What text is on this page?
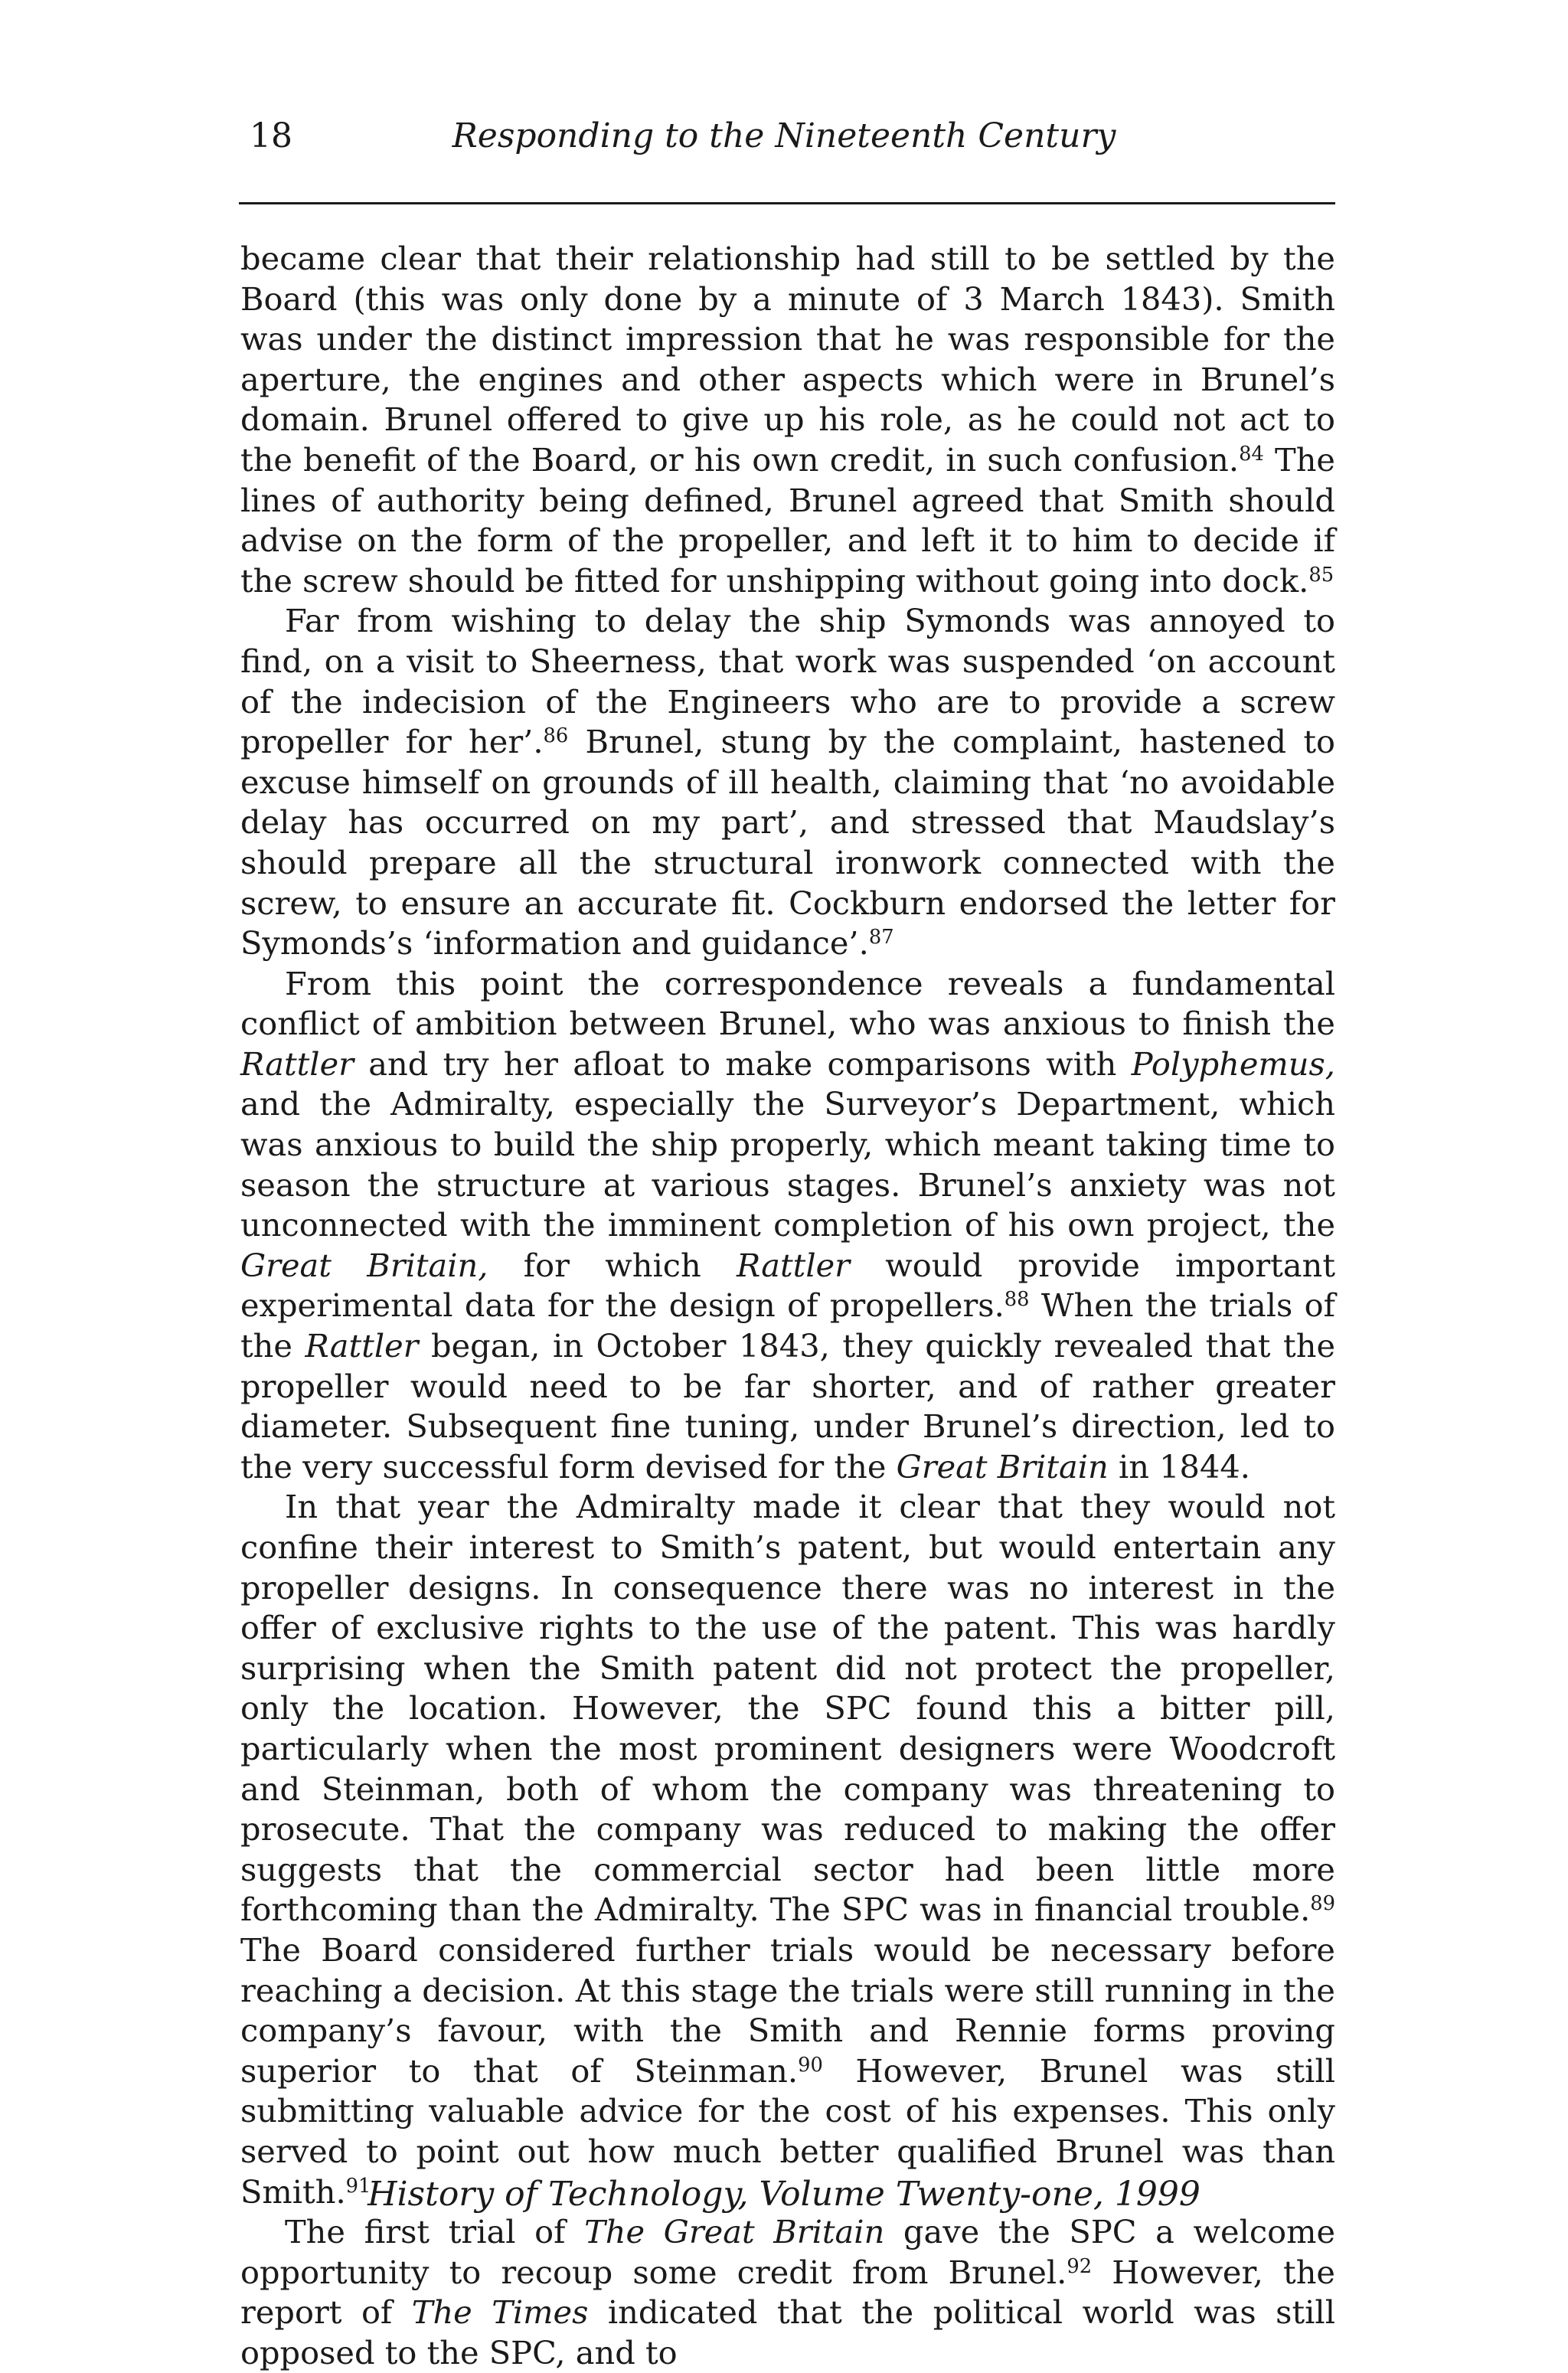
18	Responding to the Nineteenth Century

became clear that their relationship had still to be settled by the Board (this was only done by a minute of 3 March 1843). Smith was under the distinct impression that he was responsible for the aperture, the engines and other aspects which were in Brunel’s domain. Brunel offered to give up his role, as he could not act to the benefit of the Board, or his own credit, in such confusion.$^{84}$ The lines of authority being defined, Brunel agreed that Smith should advise on the form of the propeller, and left it to him to decide if the screw should be fitted for unshipping without going into dock.$^{85}$

Far from wishing to delay the ship Symonds was annoyed to find, on a visit to Sheerness, that work was suspended ‘on account of the indecision of the Engineers who are to provide a screw propeller for her’.$^{86}$ Brunel, stung by the complaint, hastened to excuse himself on grounds of ill health, claiming that ‘no avoidable delay has occurred on my part’, and stressed that Maudslay’s should prepare all the structural ironwork connected with the screw, to ensure an accurate fit. Cockburn endorsed the letter for Symonds’s ‘information and guidance’.$^{87}$

From this point the correspondence reveals a fundamental conflict of ambition between Brunel, who was anxious to finish the Rattler and try her afloat to make comparisons with Polyphemus, and the Admiralty, especially the Surveyor’s Department, which was anxious to build the ship properly, which meant taking time to season the structure at various stages. Brunel’s anxiety was not unconnected with the imminent completion of his own project, the Great Britain, for which Rattler would provide important experimental data for the design of propellers.$^{88}$ When the trials of the Rattler began, in October 1843, they quickly revealed that the propeller would need to be far shorter, and of rather greater diameter. Subsequent fine tuning, under Brunel’s direction, led to the very successful form devised for the Great Britain in 1844.

In that year the Admiralty made it clear that they would not confine their interest to Smith’s patent, but would entertain any propeller designs. In consequence there was no interest in the offer of exclusive rights to the use of the patent. This was hardly surprising when the Smith patent did not protect the propeller, only the location. However, the SPC found this a bitter pill, particularly when the most prominent designers were Woodcroft and Steinman, both of whom the company was threatening to prosecute. That the company was reduced to making the offer suggests that the commercial sector had been little more forthcoming than the Admiralty. The SPC was in financial trouble.$^{89}$ The Board considered further trials would be necessary before reaching a decision. At this stage the trials were still running in the company’s favour, with the Smith and Rennie forms proving superior to that of Steinman.$^{90}$ However, Brunel was still submitting valuable advice for the cost of his expenses. This only served to point out how much better qualified Brunel was than Smith.$^{91}$

The first trial of The Great Britain gave the SPC a welcome opportunity to recoup some credit from Brunel.$^{92}$ However, the report of The Times indicated that the political world was still opposed to the SPC, and to

History of Technology, Volume Twenty-one, 1999
